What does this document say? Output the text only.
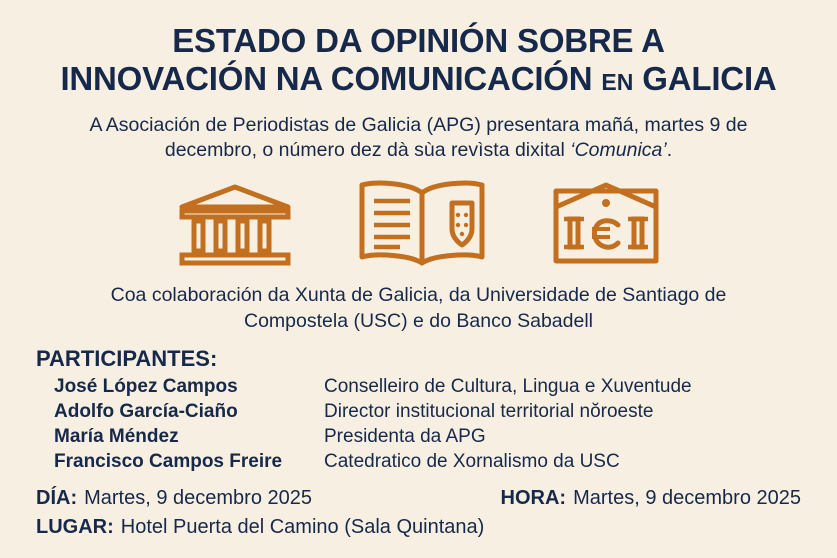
ESTADO DA OPINIÓN SOBRE A
INNOVACIÓN NA COMUNICACIÓN EN GALICIA

A Asociación de Periodistas de Galicia (APG) presentara mañá, martes 9 de decembro, o número dez dà sùa revìsta dixital ‘Comunica’.

Coa colaboración da Xunta de Galicia, da Universidade de Santiago de Compostela (USC) e do Banco Sabadell

PARTICIPANTES:
José López Campos	Conselleiro de Cultura, Lingua e Xuventude
Adolfo García-Ciaño	Director institucional territorial nŏroeste
María Méndez	Presidenta da APG
Francisco Campos Freire	Catedratico de Xornalismo da USC
DÍA: Martes, 9 decembro 2025	HORA: Martes, 9 decembro 2025
LUGAR: Hotel Puerta del Camino (Sala Quintana)
